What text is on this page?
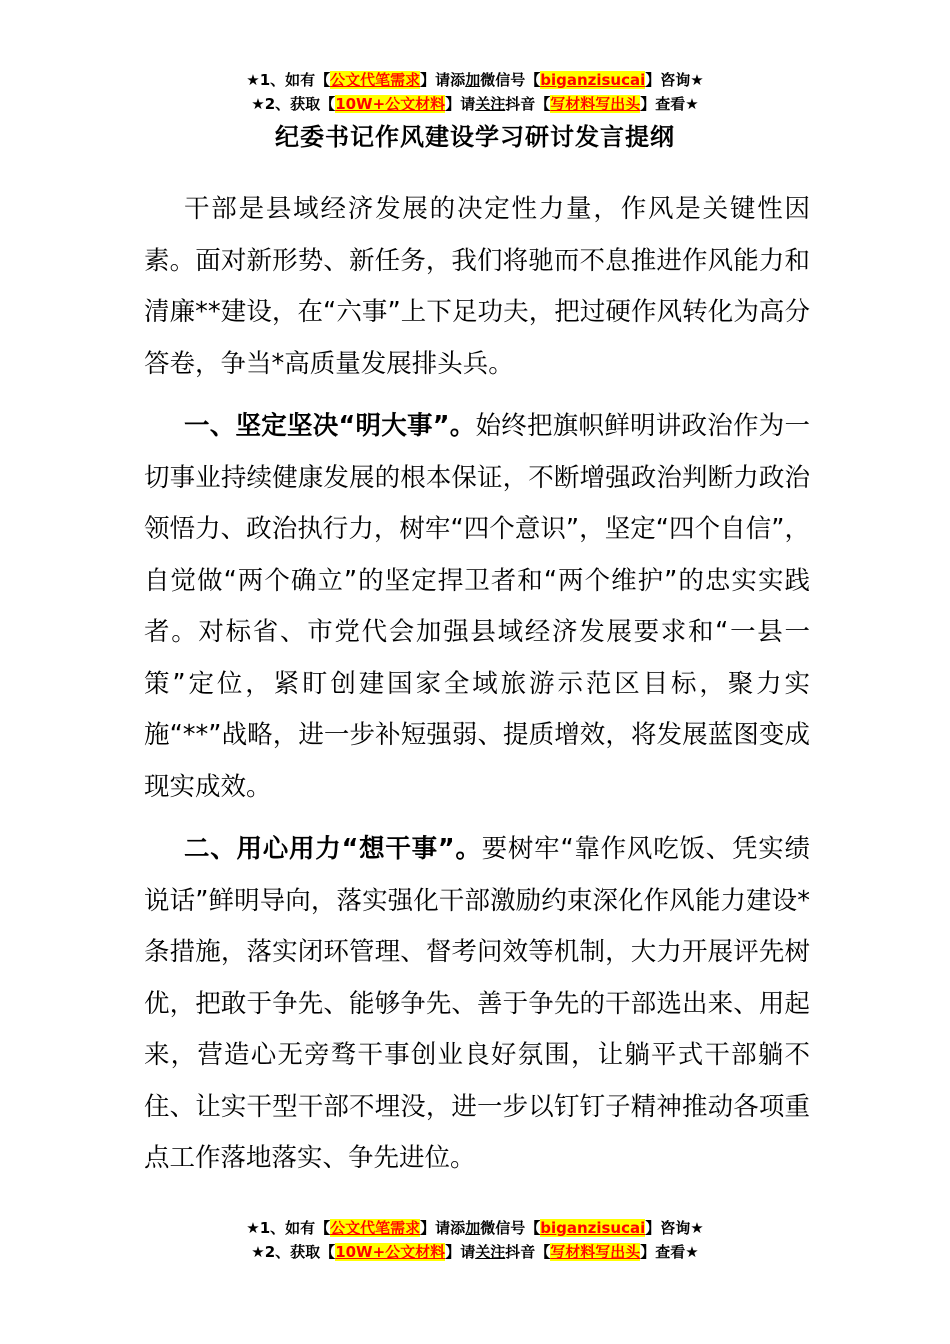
★1、如有【公文代笔需求】请添加微信号【biganzisucai】咨询★
★2、获取【10W+公文材料】请关注抖音【写材料写出头】查看★
纪委书记作风建设学习研讨发言提纲

干部是县域经济发展的决定性力量，作风是关键性因素。面对新形势、新任务，我们将驰而不息推进作风能力和清廉**建设，在“六事”上下足功夫，把过硬作风转化为高分答卷，争当*高质量发展排头兵。

一、坚定坚决“明大事”。始终把旗帜鲜明讲政治作为一切事业持续健康发展的根本保证，不断增强政治判断力政治领悟力、政治执行力，树牢“四个意识”，坚定“四个自信”，自觉做“两个确立”的坚定捍卫者和“两个维护”的忠实实践者。对标省、市党代会加强县域经济发展要求和“一县一策”定位，紧盯创建国家全域旅游示范区目标，聚力实施“**”战略，进一步补短强弱、提质增效，将发展蓝图变成现实成效。

二、用心用力“想干事”。要树牢“靠作风吃饭、凭实绩说话”鲜明导向，落实强化干部激励约束深化作风能力建设*条措施，落实闭环管理、督考问效等机制，大力开展评先树优，把敢于争先、能够争先、善于争先的干部选出来、用起来，营造心无旁骛干事创业良好氛围，让躺平式干部躺不住、让实干型干部不埋没，进一步以钉钉子精神推动各项重点工作落地落实、争先进位。

★1、如有【公文代笔需求】请添加微信号【biganzisucai】咨询★
★2、获取【10W+公文材料】请关注抖音【写材料写出头】查看★
